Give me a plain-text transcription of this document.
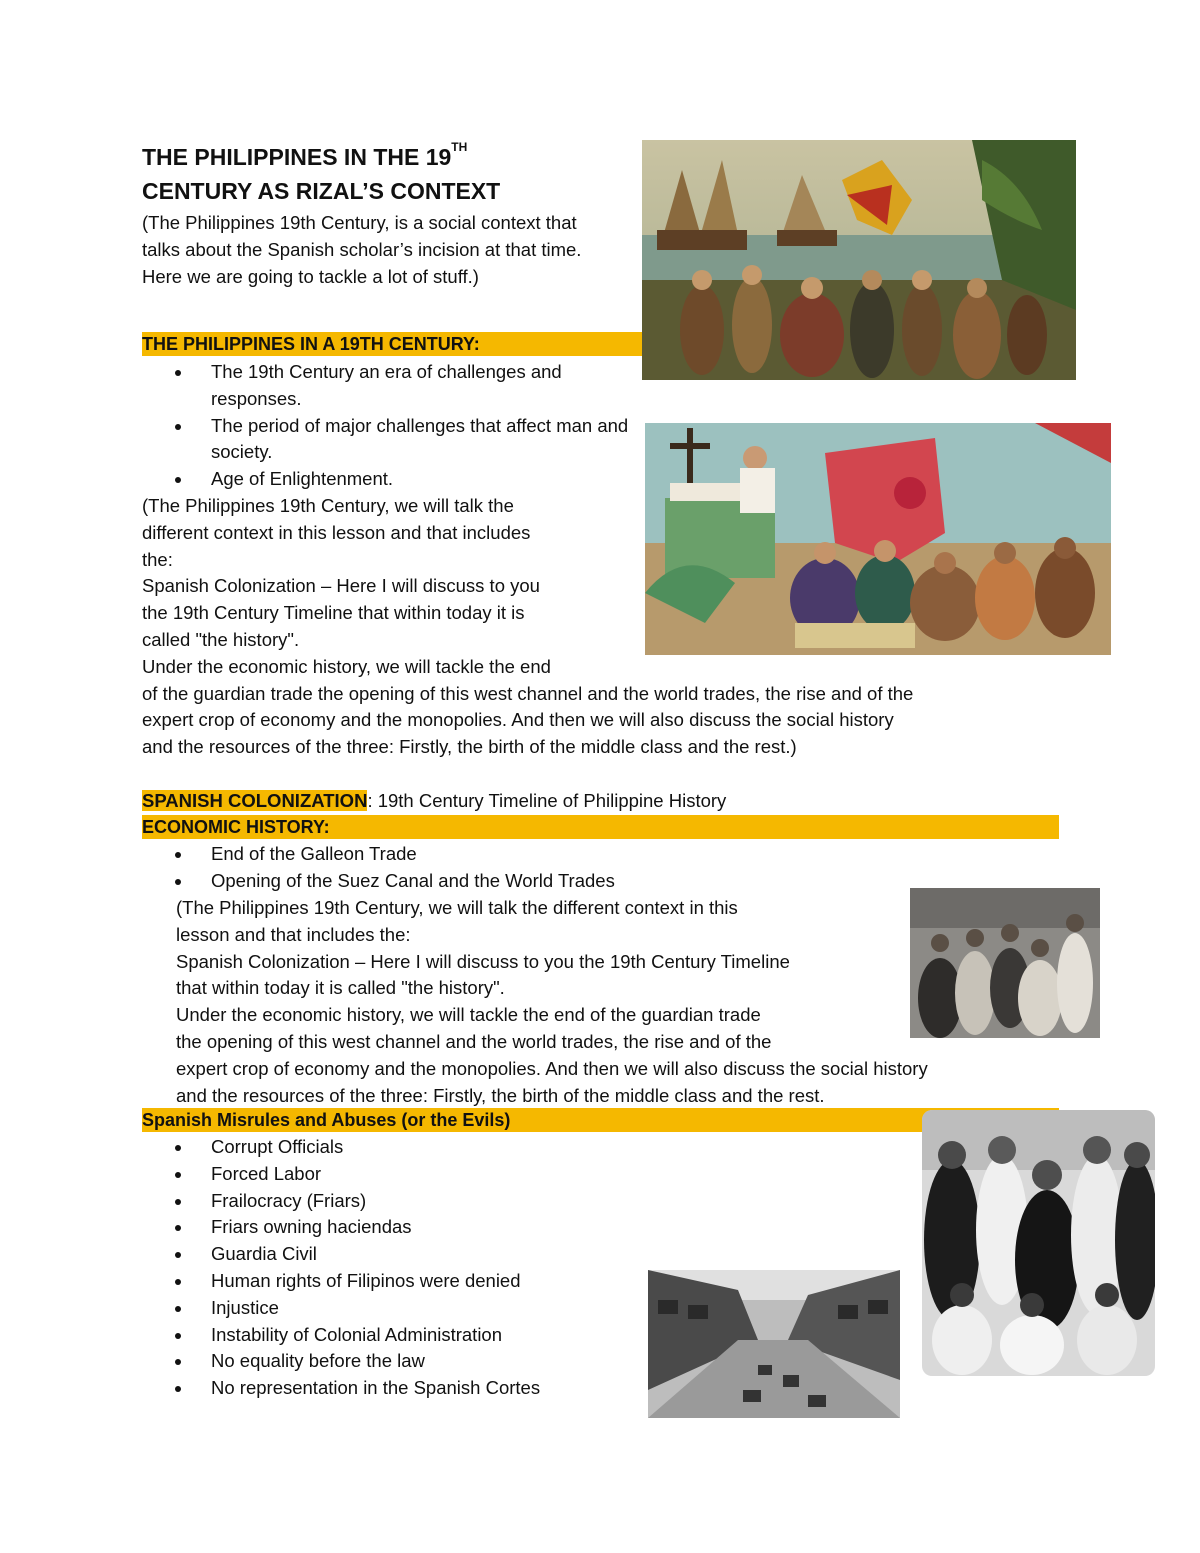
THE PHILIPPINES IN THE 19TH
CENTURY AS RIZAL’S CONTEXT
(The Philippines 19th Century, is a social context that talks about the Spanish scholar’s incision at that time. Here we are going to tackle a lot of stuff.)
THE PHILIPPINES IN A 19TH CENTURY:
The 19th Century an era of challenges and responses.
The period of major challenges that affect man and society.
Age of Enlightenment.
(The Philippines 19th Century, we will talk the
different context in this lesson and that includes
the:
Spanish Colonization – Here I will discuss to you
the 19th Century Timeline that within today it is
called "the history".
Under the economic history, we will tackle the end
of the guardian trade the opening of this west channel and the world trades, the rise and of the
expert crop of economy and the monopolies. And then we will also discuss the social history
and the resources of the three: Firstly, the birth of the middle class and the rest.)
SPANISH COLONIZATION: 19th Century Timeline of Philippine History
ECONOMIC HISTORY:
End of the Galleon Trade
Opening of the Suez Canal and the World Trades
(The Philippines 19th Century, we will talk the different context in this
lesson and that includes the:
Spanish Colonization – Here I will discuss to you the 19th Century Timeline
that within today it is called "the history".
Under the economic history, we will tackle the end of the guardian trade
the opening of this west channel and the world trades, the rise and of the
expert crop of economy and the monopolies. And then we will also discuss the social history
and the resources of the three: Firstly, the birth of the middle class and the rest.
Spanish Misrules and Abuses (or the Evils)
Corrupt Officials
Forced Labor
Frailocracy (Friars)
Friars owning haciendas
Guardia Civil
Human rights of Filipinos were denied
Injustice
Instability of Colonial Administration
No equality before the law
No representation in the Spanish Cortes
